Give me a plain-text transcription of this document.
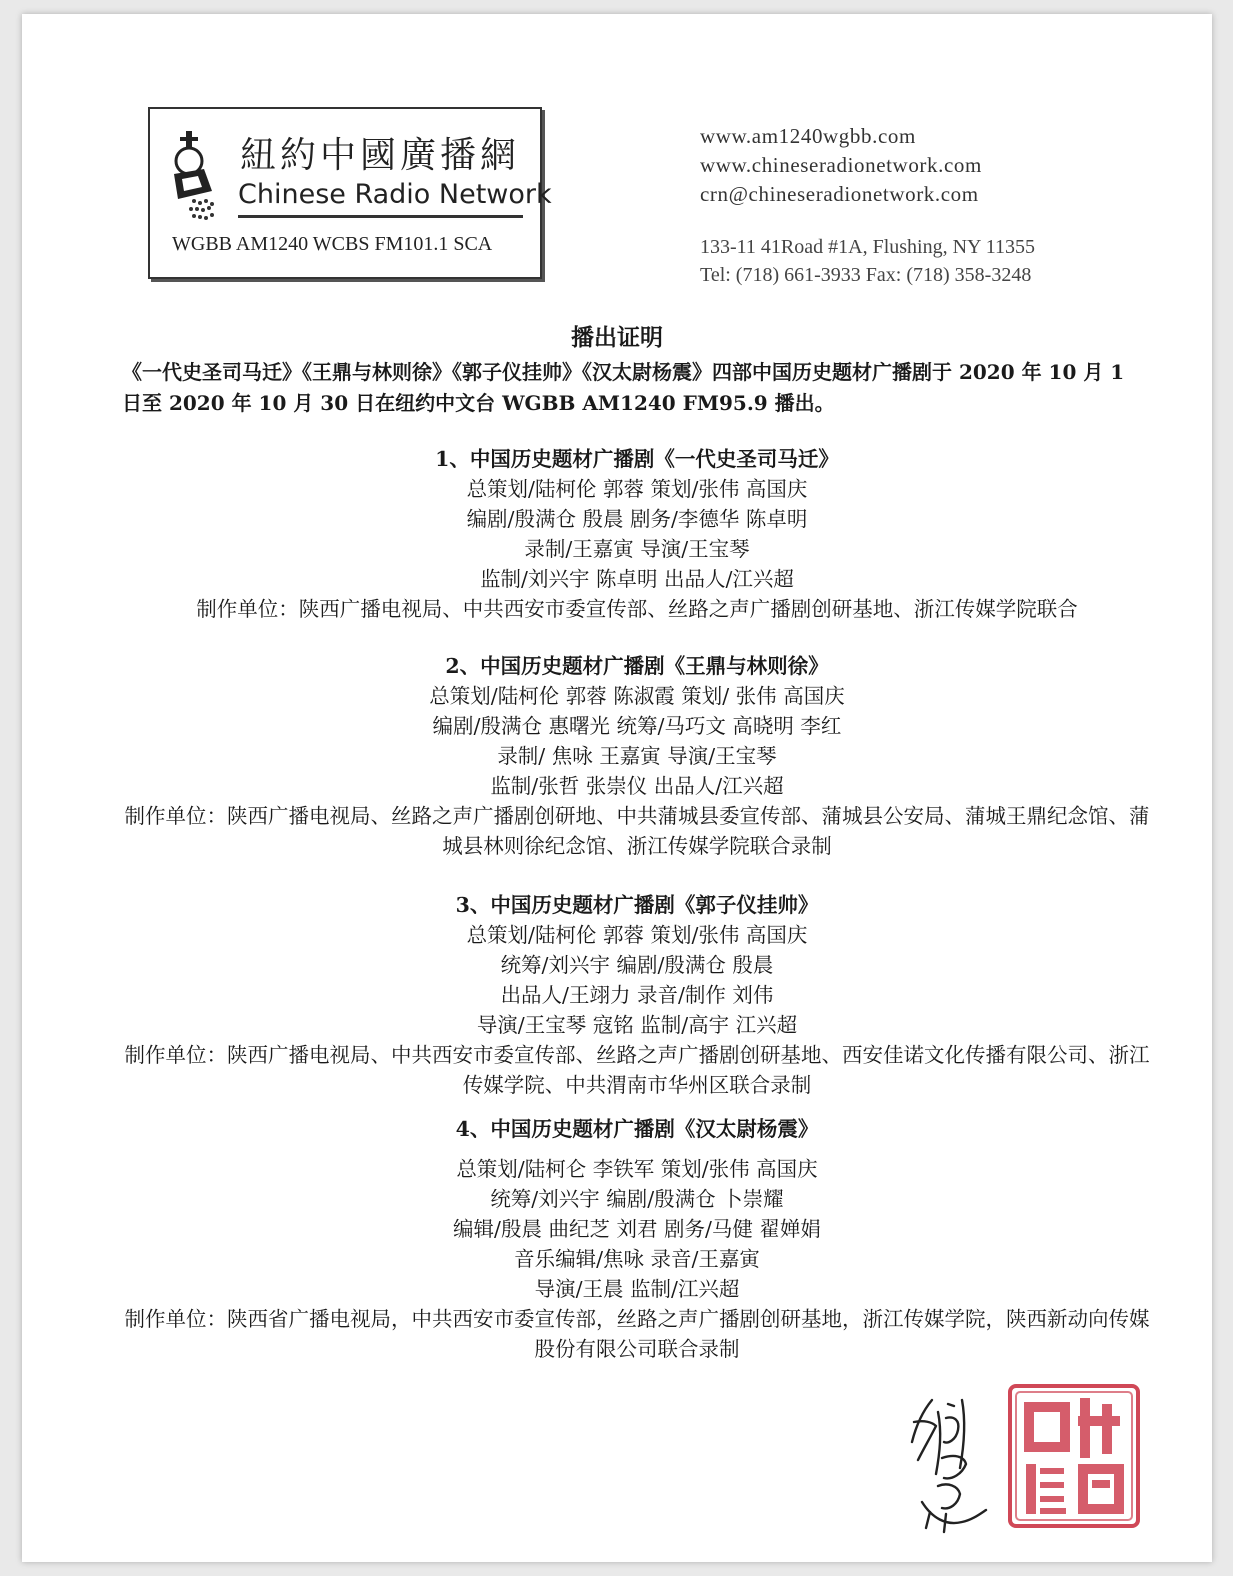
紐約中國廣播網
Chinese Radio Network
WGBB AM1240 WCBS FM101.1 SCA
www.am1240wgbb.com
www.chineseradionetwork.com
crn@chineseradionetwork.com
133-11 41Road #1A, Flushing, NY 11355
Tel: (718) 661-3933 Fax: (718) 358-3248
播出证明
《一代史圣司马迁》《王鼎与林则徐》《郭子仪挂帅》《汉太尉杨震》四部中国历史题材广播剧于 2020 年 10 月 1 日至 2020 年 10 月 30 日在纽约中文台 WGBB AM1240 FM95.9 播出。
1、中国历史题材广播剧《一代史圣司马迁》
总策划/陆柯伦 郭蓉 策划/张伟 高国庆
编剧/殷满仓 殷晨 剧务/李德华 陈卓明
录制/王嘉寅 导演/王宝琴
监制/刘兴宇 陈卓明 出品人/江兴超
制作单位：陕西广播电视局、中共西安市委宣传部、丝路之声广播剧创研基地、浙江传媒学院联合
2、中国历史题材广播剧《王鼎与林则徐》
总策划/陆柯伦 郭蓉 陈淑霞 策划/ 张伟 高国庆
编剧/殷满仓 惠曙光 统筹/马巧文 高晓明 李红
录制/ 焦咏 王嘉寅 导演/王宝琴
监制/张哲 张崇仪 出品人/江兴超
制作单位：陕西广播电视局、丝路之声广播剧创研地、中共蒲城县委宣传部、蒲城县公安局、蒲城王鼎纪念馆、蒲城县林则徐纪念馆、浙江传媒学院联合录制
3、中国历史题材广播剧《郭子仪挂帅》
总策划/陆柯伦 郭蓉 策划/张伟 高国庆
统筹/刘兴宇 编剧/殷满仓 殷晨
出品人/王翊力 录音/制作 刘伟
导演/王宝琴 寇铭 监制/高宇 江兴超
制作单位：陕西广播电视局、中共西安市委宣传部、丝路之声广播剧创研基地、西安佳诺文化传播有限公司、浙江传媒学院、中共渭南市华州区联合录制
4、中国历史题材广播剧《汉太尉杨震》
总策划/陆柯仑 李铁军 策划/张伟 高国庆
统筹/刘兴宇 编剧/殷满仓 卜崇耀
编辑/殷晨 曲纪芝 刘君 剧务/马健 翟婵娟
音乐编辑/焦咏 录音/王嘉寅
导演/王晨 监制/江兴超
制作单位：陕西省广播电视局，中共西安市委宣传部，丝路之声广播剧创研基地，浙江传媒学院，陕西新动向传媒股份有限公司联合录制
